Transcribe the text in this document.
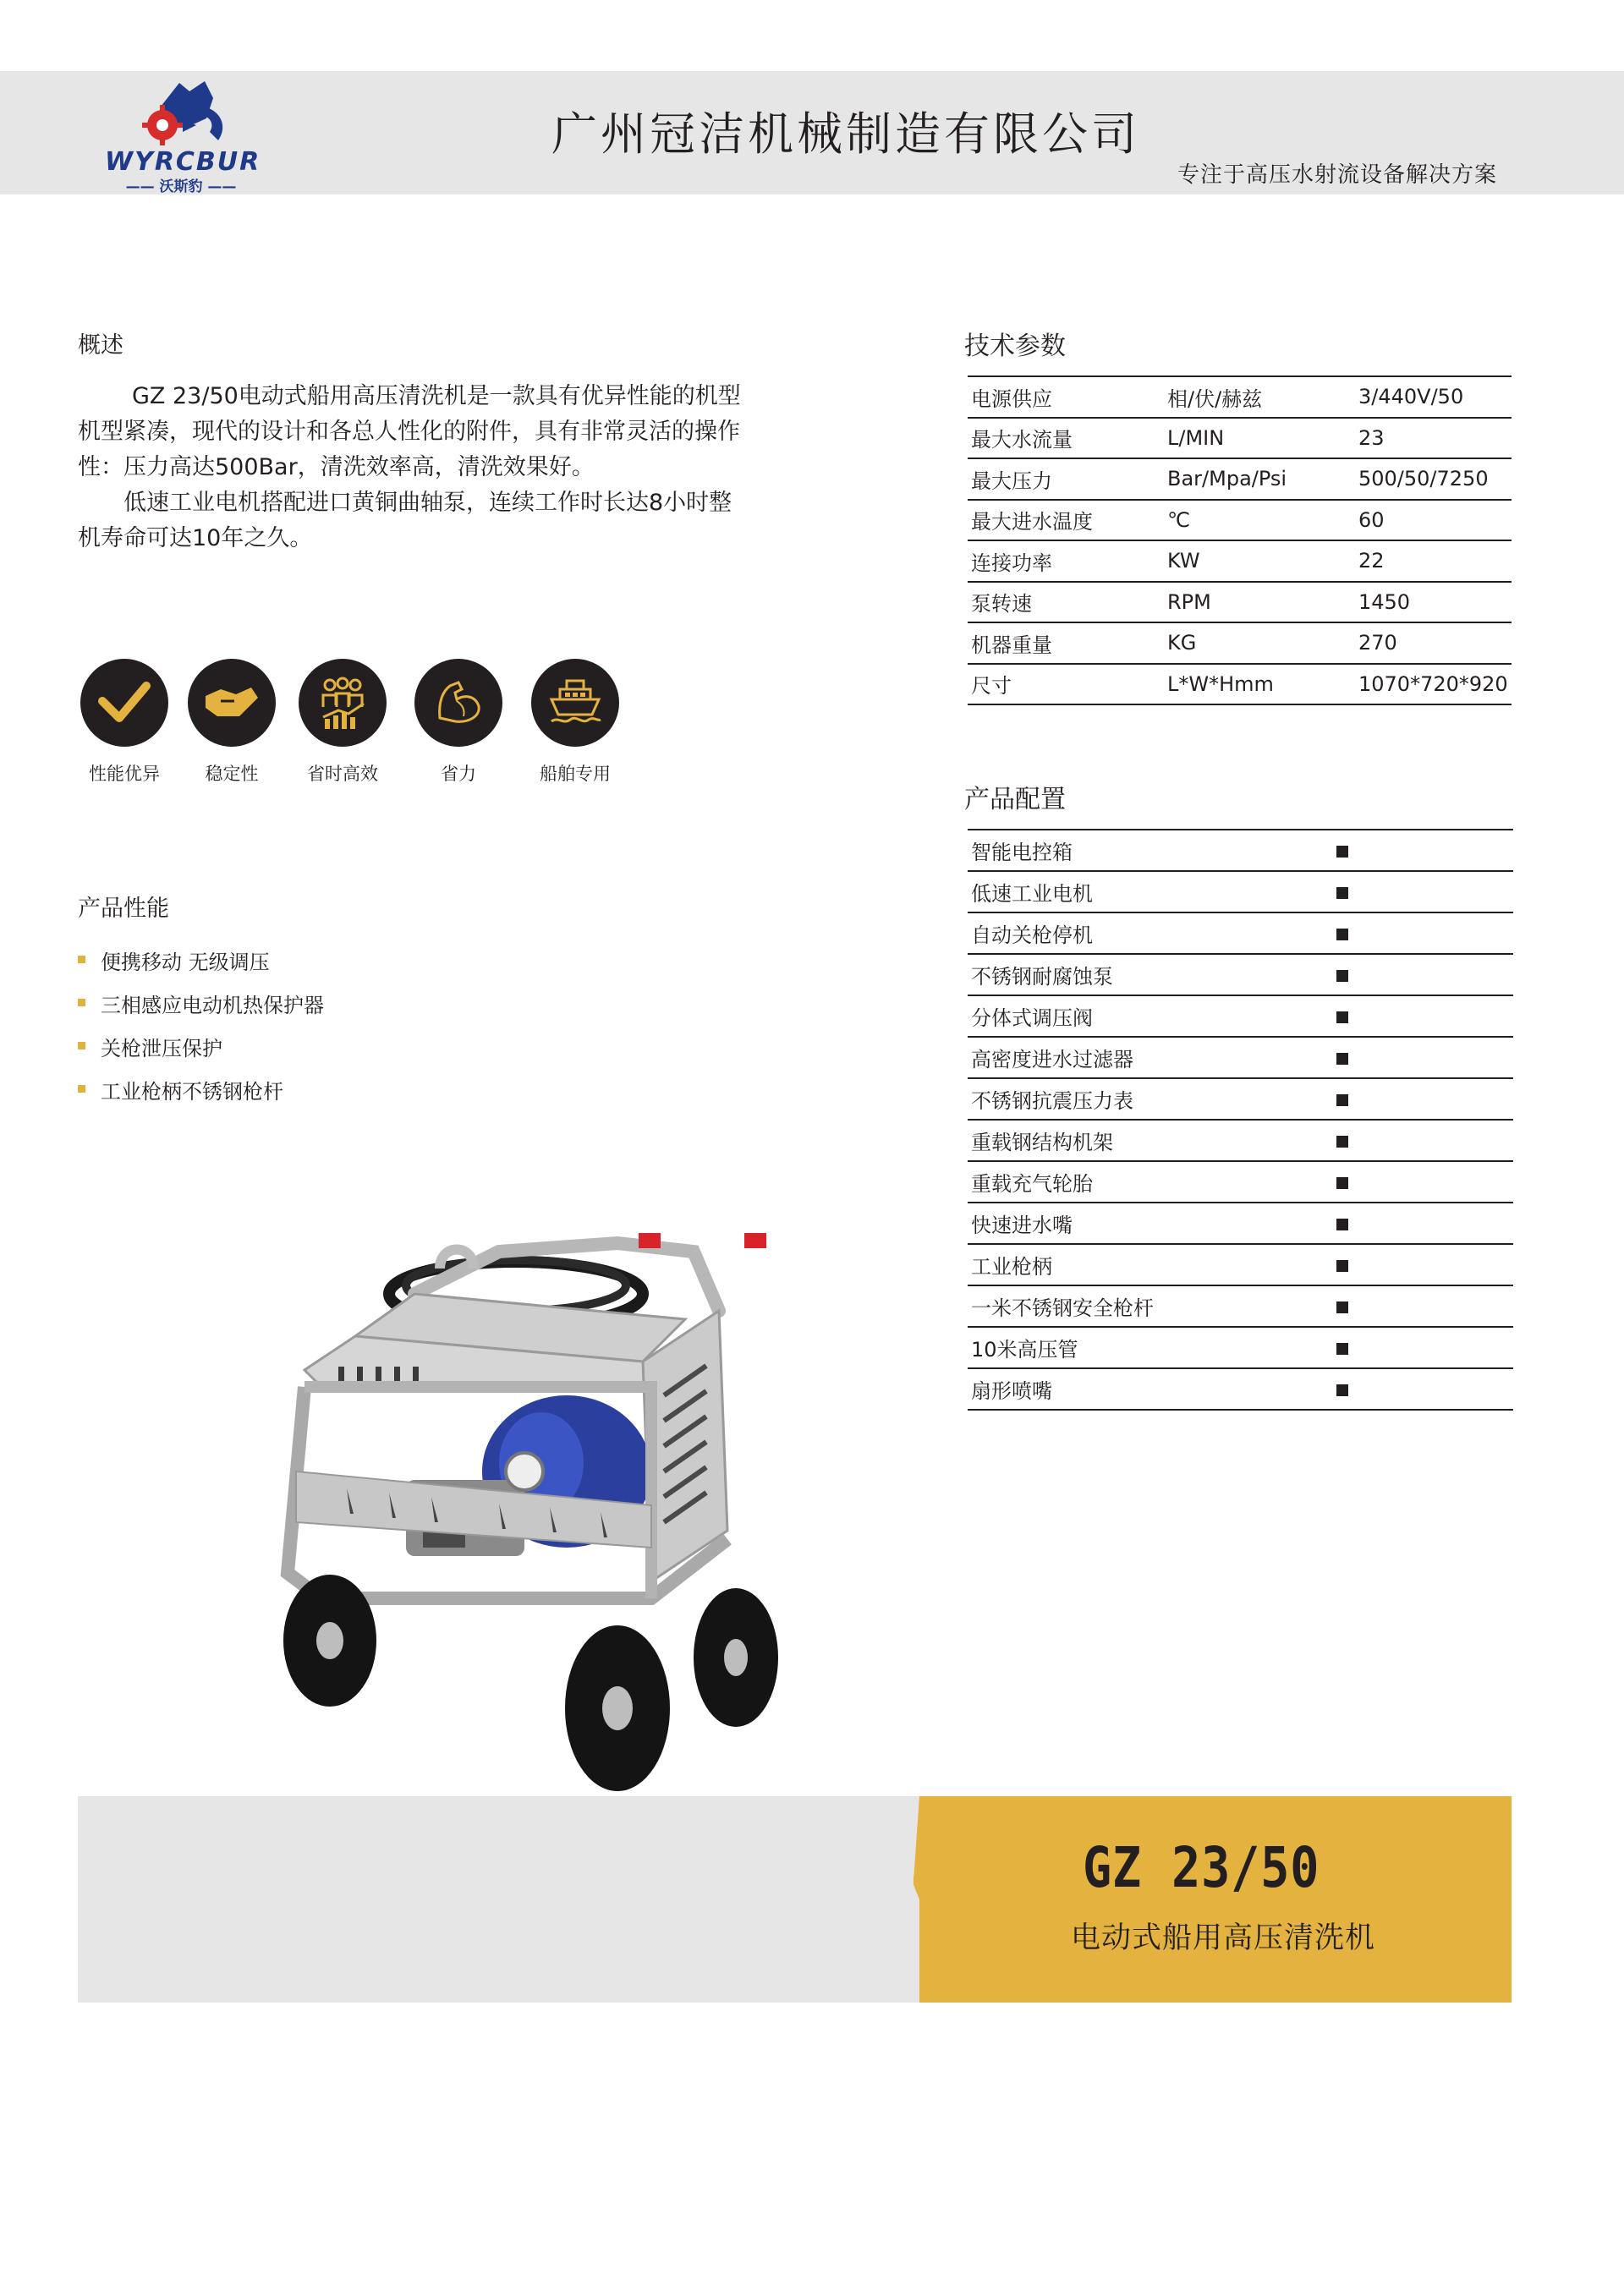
WYRCBUR
—— 沃斯豹 ——
广州冠洁机械制造有限公司
专注于高压水射流设备解决方案
概述

GZ 23/50电动式船用高压清洗机是一款具有优异性能的机型机型紧凑，现代的设计和各总人性化的附件，具有非常灵活的操作性：压力高达500Bar，清洗效率高，清洗效果好。

低速工业电机搭配进口黄铜曲轴泵，连续工作时长达8小时整机寿命可达10年之久。

性能优异	稳定性	省时高效	省力	船舶专用
产品性能
便携移动 无级调压
三相感应电动机热保护器
关枪泄压保护
工业枪柄不锈钢枪杆
技术参数
电源供应	相/伏/赫兹	3/440V/50
最大水流量	L/MIN	23
最大压力	Bar/Mpa/Psi	500/50/7250
最大进水温度	℃	60
连接功率	KW	22
泵转速	RPM	1450
机器重量	KG	270
尺寸	L*W*Hmm	1070*720*920
产品配置
智能电控箱	
低速工业电机	
自动关枪停机	
不锈钢耐腐蚀泵	
分体式调压阀	
高密度进水过滤器	
不锈钢抗震压力表	
重载钢结构机架	
重载充气轮胎	
快速进水嘴	
工业枪柄	
一米不锈钢安全枪杆	
10米高压管	
扇形喷嘴	
GZ 23/50
电动式船用高压清洗机
